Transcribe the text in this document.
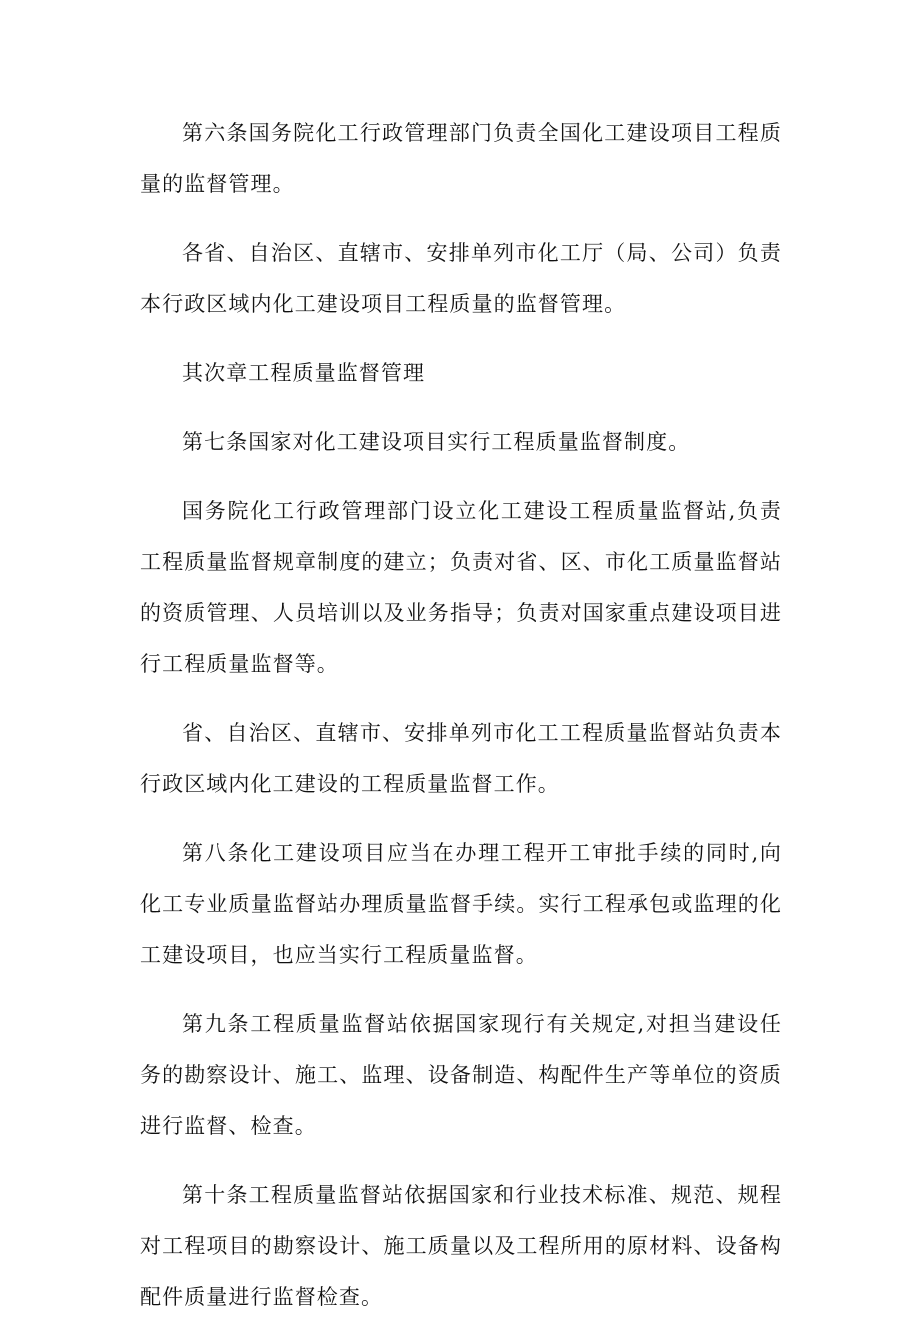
第六条国务院化工行政管理部门负责全国化工建设项目工程质量的监督管理。

各省、自治区、直辖市、安排单列市化工厅（局、公司）负责本行政区域内化工建设项目工程质量的监督管理。

其次章工程质量监督管理

第七条国家对化工建设项目实行工程质量监督制度。

国务院化工行政管理部门设立化工建设工程质量监督站,负责工程质量监督规章制度的建立；负责对省、区、市化工质量监督站的资质管理、人员培训以及业务指导；负责对国家重点建设项目进行工程质量监督等。

省、自治区、直辖市、安排单列市化工工程质量监督站负责本行政区域内化工建设的工程质量监督工作。

第八条化工建设项目应当在办理工程开工审批手续的同时,向化工专业质量监督站办理质量监督手续。实行工程承包或监理的化工建设项目，也应当实行工程质量监督。

第九条工程质量监督站依据国家现行有关规定,对担当建设任务的勘察设计、施工、监理、设备制造、构配件生产等单位的资质进行监督、检查。

第十条工程质量监督站依据国家和行业技术标准、规范、规程对工程项目的勘察设计、施工质量以及工程所用的原材料、设备构配件质量进行监督检查。
